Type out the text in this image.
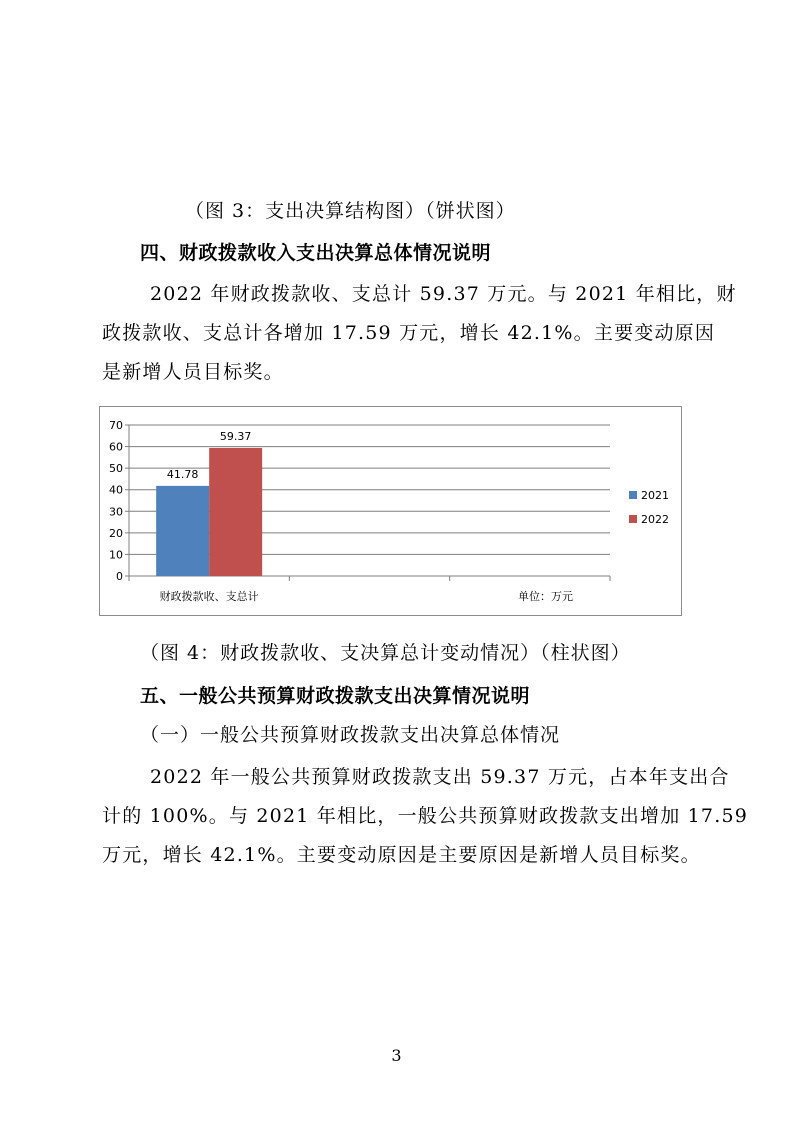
（图 3：支出决算结构图）（饼状图）
四、财政拨款收入支出决算总体情况说明
2022 年财政拨款收、支总计 59.37 万元。与 2021 年相比，财
政拨款收、支总计各增加 17.59 万元，增长 42.1%。主要变动原因
是新增人员目标奖。
0
10
20
30
40
50
60
70
41.78
59.37
财政拨款收、支总计
2021
2022
单位：万元
（图 4：财政拨款收、支决算总计变动情况）（柱状图）
五、一般公共预算财政拨款支出决算情况说明
（一）一般公共预算财政拨款支出决算总体情况
2022 年一般公共预算财政拨款支出 59.37 万元，占本年支出合
计的 100%。与 2021 年相比，一般公共预算财政拨款支出增加 17.59
万元，增长 42.1%。主要变动原因是主要原因是新增人员目标奖。
3
